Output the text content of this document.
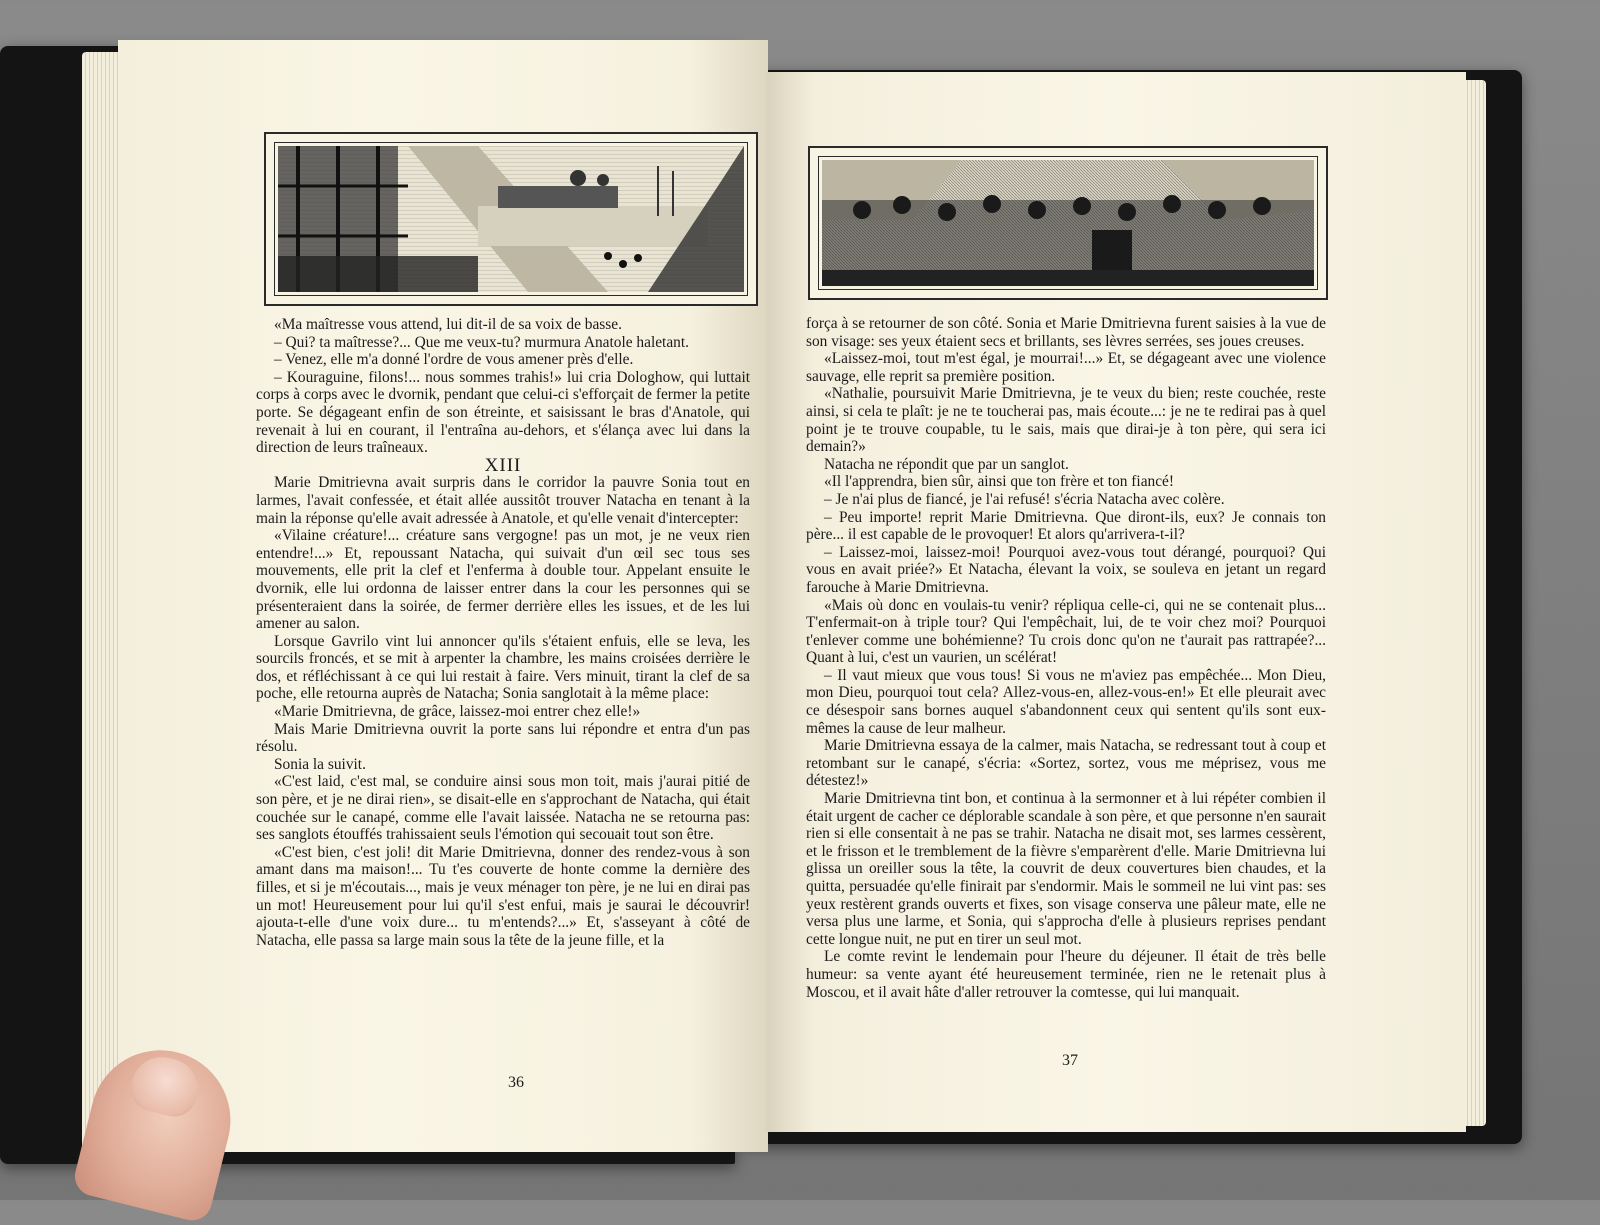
«Ma maîtresse vous attend, lui dit-il de sa voix de basse.

– Qui? ta maîtresse?... Que me veux-tu? murmura Anatole haletant.

– Venez, elle m'a donné l'ordre de vous amener près d'elle.

– Kouraguine, filons!... nous sommes trahis!» lui cria Dologhow, qui luttait corps à corps avec le dvornik, pendant que celui-ci s'efforçait de fermer la petite porte. Se dégageant enfin de son étreinte, et saisissant le bras d'Anatole, qui revenait à lui en courant, il l'entraîna au-dehors, et s'élança avec lui dans la direction de leurs traîneaux.

XIII

Marie Dmitrievna avait surpris dans le corridor la pauvre Sonia tout en larmes, l'avait confessée, et était allée aussitôt trouver Natacha en tenant à la main la réponse qu'elle avait adressée à Anatole, et qu'elle venait d'intercepter:

«Vilaine créature!... créature sans vergogne! pas un mot, je ne veux rien entendre!...» Et, repoussant Natacha, qui suivait d'un œil sec tous ses mouvements, elle prit la clef et l'enferma à double tour. Appelant ensuite le dvornik, elle lui ordonna de laisser entrer dans la cour les personnes qui se présenteraient dans la soirée, de fermer derrière elles les issues, et de les lui amener au salon.

Lorsque Gavrilo vint lui annoncer qu'ils s'étaient enfuis, elle se leva, les sourcils froncés, et se mit à arpenter la chambre, les mains croisées derrière le dos, et réfléchissant à ce qui lui restait à faire. Vers minuit, tirant la clef de sa poche, elle retourna auprès de Natacha; Sonia sanglotait à la même place:

«Marie Dmitrievna, de grâce, laissez-moi entrer chez elle!»

Mais Marie Dmitrievna ouvrit la porte sans lui répondre et entra d'un pas résolu.

Sonia la suivit.

«C'est laid, c'est mal, se conduire ainsi sous mon toit, mais j'aurai pitié de son père, et je ne dirai rien», se disait-elle en s'approchant de Natacha, qui était couchée sur le canapé, comme elle l'avait laissée. Natacha ne se retourna pas: ses sanglots étouffés trahissaient seuls l'émotion qui secouait tout son être.

«C'est bien, c'est joli! dit Marie Dmitrievna, donner des rendez-vous à son amant dans ma maison!... Tu t'es couverte de honte comme la dernière des filles, et si je m'écoutais..., mais je veux ménager ton père, je ne lui en dirai pas un mot! Heureusement pour lui qu'il s'est enfui, mais je saurai le découvrir! ajouta-t-elle d'une voix dure... tu m'entends?...» Et, s'asseyant à côté de Natacha, elle passa sa large main sous la tête de la jeune fille, et la

36

força à se retourner de son côté. Sonia et Marie Dmitrievna furent saisies à la vue de son visage: ses yeux étaient secs et brillants, ses lèvres serrées, ses joues creuses.

«Laissez-moi, tout m'est égal, je mourrai!...» Et, se dégageant avec une violence sauvage, elle reprit sa première position.

«Nathalie, poursuivit Marie Dmitrievna, je te veux du bien; reste couchée, reste ainsi, si cela te plaît: je ne te toucherai pas, mais écoute...: je ne te redirai pas à quel point je te trouve coupable, tu le sais, mais que dirai-je à ton père, qui sera ici demain?»

Natacha ne répondit que par un sanglot.

«Il l'apprendra, bien sûr, ainsi que ton frère et ton fiancé!

– Je n'ai plus de fiancé, je l'ai refusé! s'écria Natacha avec colère.

– Peu importe! reprit Marie Dmitrievna. Que diront-ils, eux? Je connais ton père... il est capable de le provoquer! Et alors qu'arrivera-t-il?

– Laissez-moi, laissez-moi! Pourquoi avez-vous tout dérangé, pourquoi? Qui vous en avait priée?» Et Natacha, élevant la voix, se souleva en jetant un regard farouche à Marie Dmitrievna.

«Mais où donc en voulais-tu venir? répliqua celle-ci, qui ne se contenait plus... T'enfermait-on à triple tour? Qui l'empêchait, lui, de te voir chez moi? Pourquoi t'enlever comme une bohémienne? Tu crois donc qu'on ne t'aurait pas rattrapée?... Quant à lui, c'est un vaurien, un scélérat!

– Il vaut mieux que vous tous! Si vous ne m'aviez pas empêchée... Mon Dieu, mon Dieu, pourquoi tout cela? Allez-vous-en, allez-vous-en!» Et elle pleurait avec ce désespoir sans bornes auquel s'abandonnent ceux qui sentent qu'ils sont eux-mêmes la cause de leur malheur.

Marie Dmitrievna essaya de la calmer, mais Natacha, se redressant tout à coup et retombant sur le canapé, s'écria: «Sortez, sortez, vous me méprisez, vous me détestez!»

Marie Dmitrievna tint bon, et continua à la sermonner et à lui répéter combien il était urgent de cacher ce déplorable scandale à son père, et que personne n'en saurait rien si elle consentait à ne pas se trahir. Natacha ne disait mot, ses larmes cessèrent, et le frisson et le tremblement de la fièvre s'emparèrent d'elle. Marie Dmitrievna lui glissa un oreiller sous la tête, la couvrit de deux couvertures bien chaudes, et la quitta, persuadée qu'elle finirait par s'endormir. Mais le sommeil ne lui vint pas: ses yeux restèrent grands ouverts et fixes, son visage conserva une pâleur mate, elle ne versa plus une larme, et Sonia, qui s'approcha d'elle à plusieurs reprises pendant cette longue nuit, ne put en tirer un seul mot.

Le comte revint le lendemain pour l'heure du déjeuner. Il était de très belle humeur: sa vente ayant été heureusement terminée, rien ne le retenait plus à Moscou, et il avait hâte d'aller retrouver la comtesse, qui lui manquait.

37
